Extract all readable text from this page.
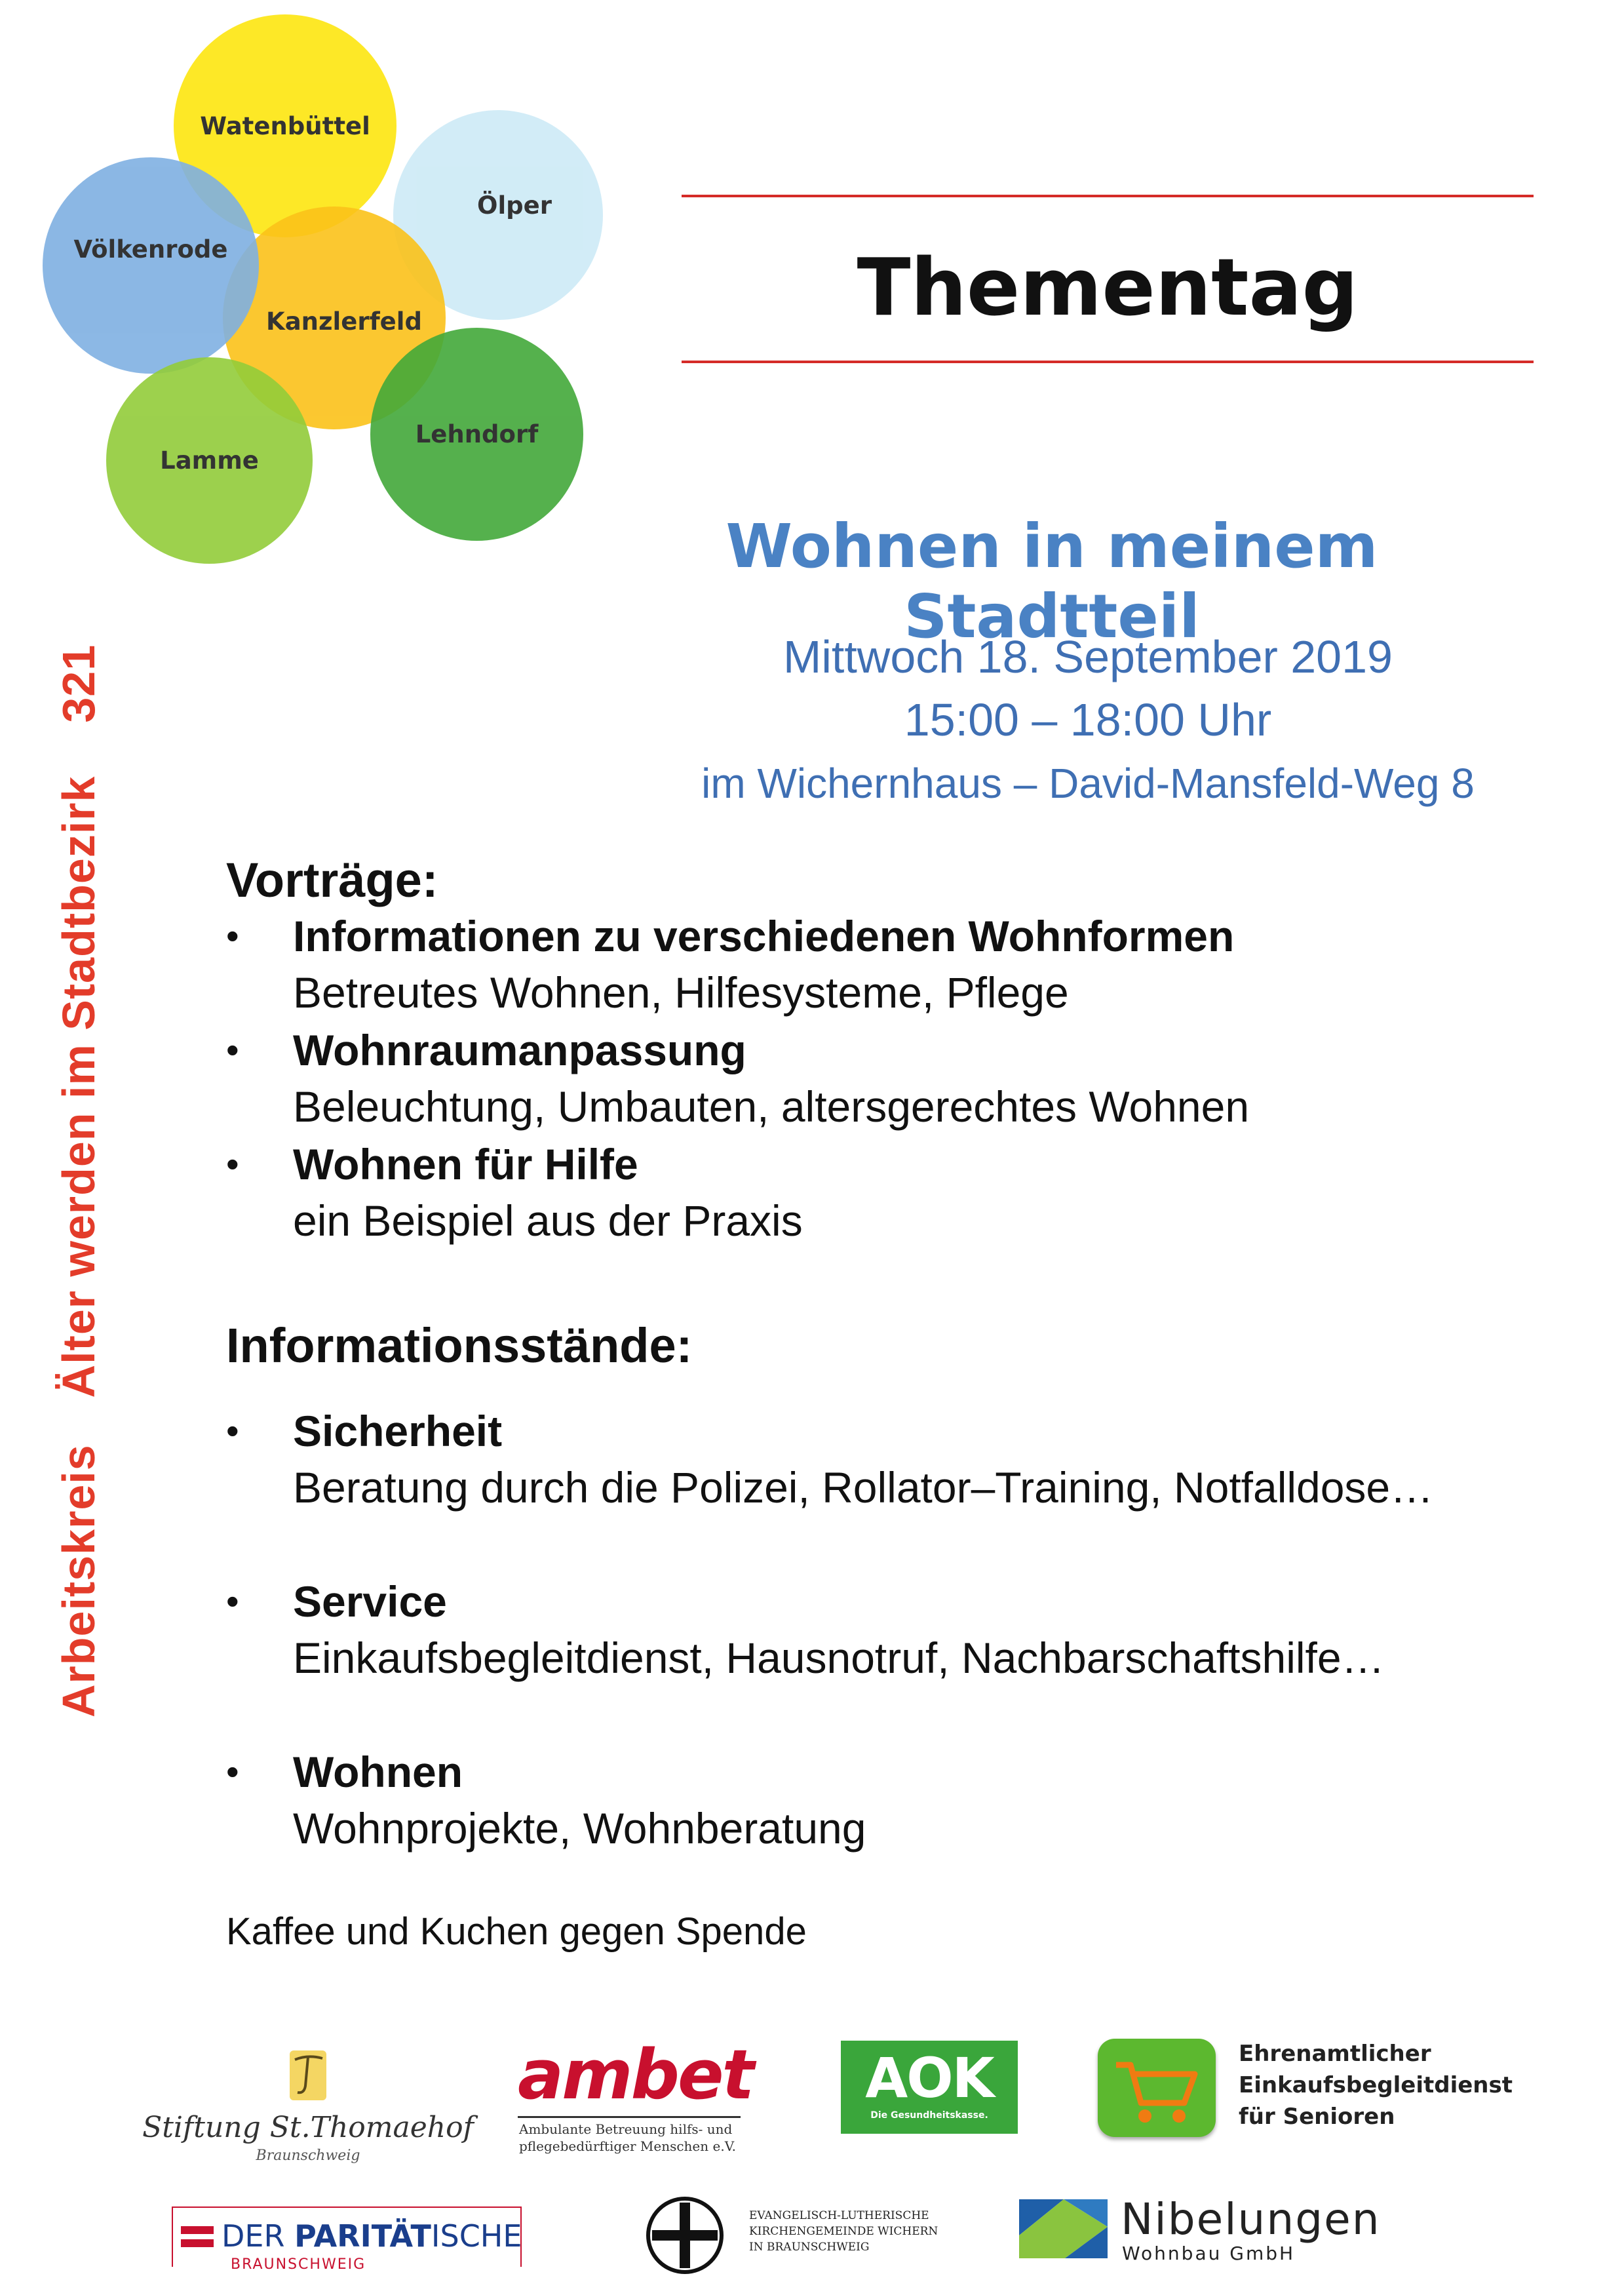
Watenbüttel
Ölper
Kanzlerfeld
Völkenrode
Lamme
Lehndorf
Arbeitskreis  Älter werden im Stadtbezirk  321
Thementag
Wohnen in meinem Stadtteil
Mittwoch 18. September 2019
15:00 – 18:00 Uhr
im Wichernhaus – David-Mansfeld-Weg 8
Vorträge:
• Informationen zu verschiedenen Wohnformen
Betreutes Wohnen, Hilfesysteme, Pflege
• Wohnraumanpassung
Beleuchtung, Umbauten, altersgerechtes Wohnen
• Wohnen für Hilfe
ein Beispiel aus der Praxis
Informationsstände:
• Sicherheit
Beratung durch die Polizei, Rollator–Training, Notfalldose…
• Service
Einkaufsbegleitdienst, Hausnotruf, Nachbarschaftshilfe…
• Wohnen
Wohnprojekte, Wohnberatung
Kaffee und Kuchen gegen Spende
Stiftung St.Thomaehof
Braunschweig
ambet
Ambulante Betreuung hilfs- und
pflegebedürftiger Menschen e.V.
AOK
Die Gesundheitskasse.
Ehrenamtlicher
Einkaufsbegleitdienst
für Senioren
DER PARITÄTISCHE
BRAUNSCHWEIG
EVANGELISCH-LUTHERISCHE
KIRCHENGEMEINDE WICHERN
IN BRAUNSCHWEIG
Nibelungen
Wohnbau GmbH
